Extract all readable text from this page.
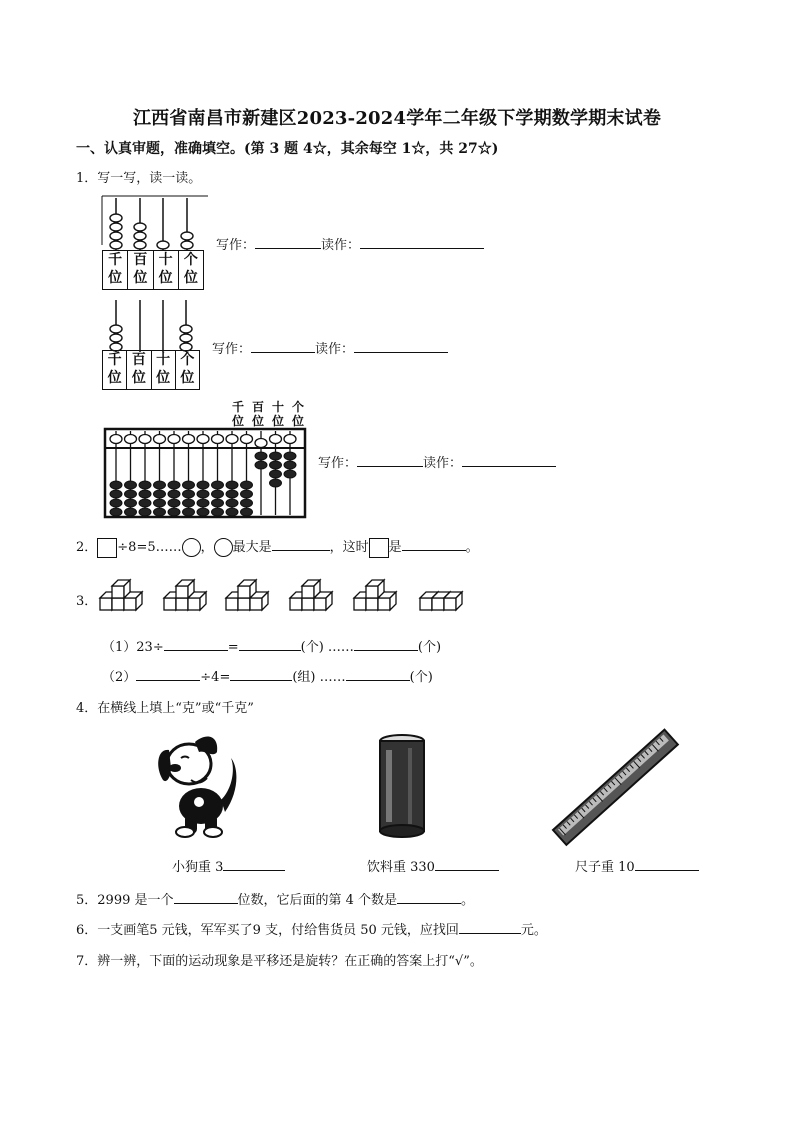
江西省南昌市新建区2023-2024学年二年级下学期数学期末试卷
一、认真审题，准确填空。(第 3 题 4☆，其余每空 1☆，共 27☆)
1．写一写，读一读。
千
位
百
位
十
位
个
位
写作：	读作：
千
位
百
位
十
位
个
位
写作：	读作：
千 百 十 个
位 位 位 位
写作：	读作：
2． ÷8=5…… ， 最大是	，这时 是	。
3．
（1）23÷	=	(个) ……	(个)
（2）	÷4=	(组) ……	(个)
4．在横线上填上“克”或“千克”
小狗重 3	饮料重 330	尺子重 10
5．2999 是一个	位数，它后面的第 4 个数是	。
6．一支画笔5 元钱，军军买了9 支，付给售货员 50 元钱，应找回	元。
7．辨一辨，下面的运动现象是平移还是旋转？在正确的答案上打“√”。
